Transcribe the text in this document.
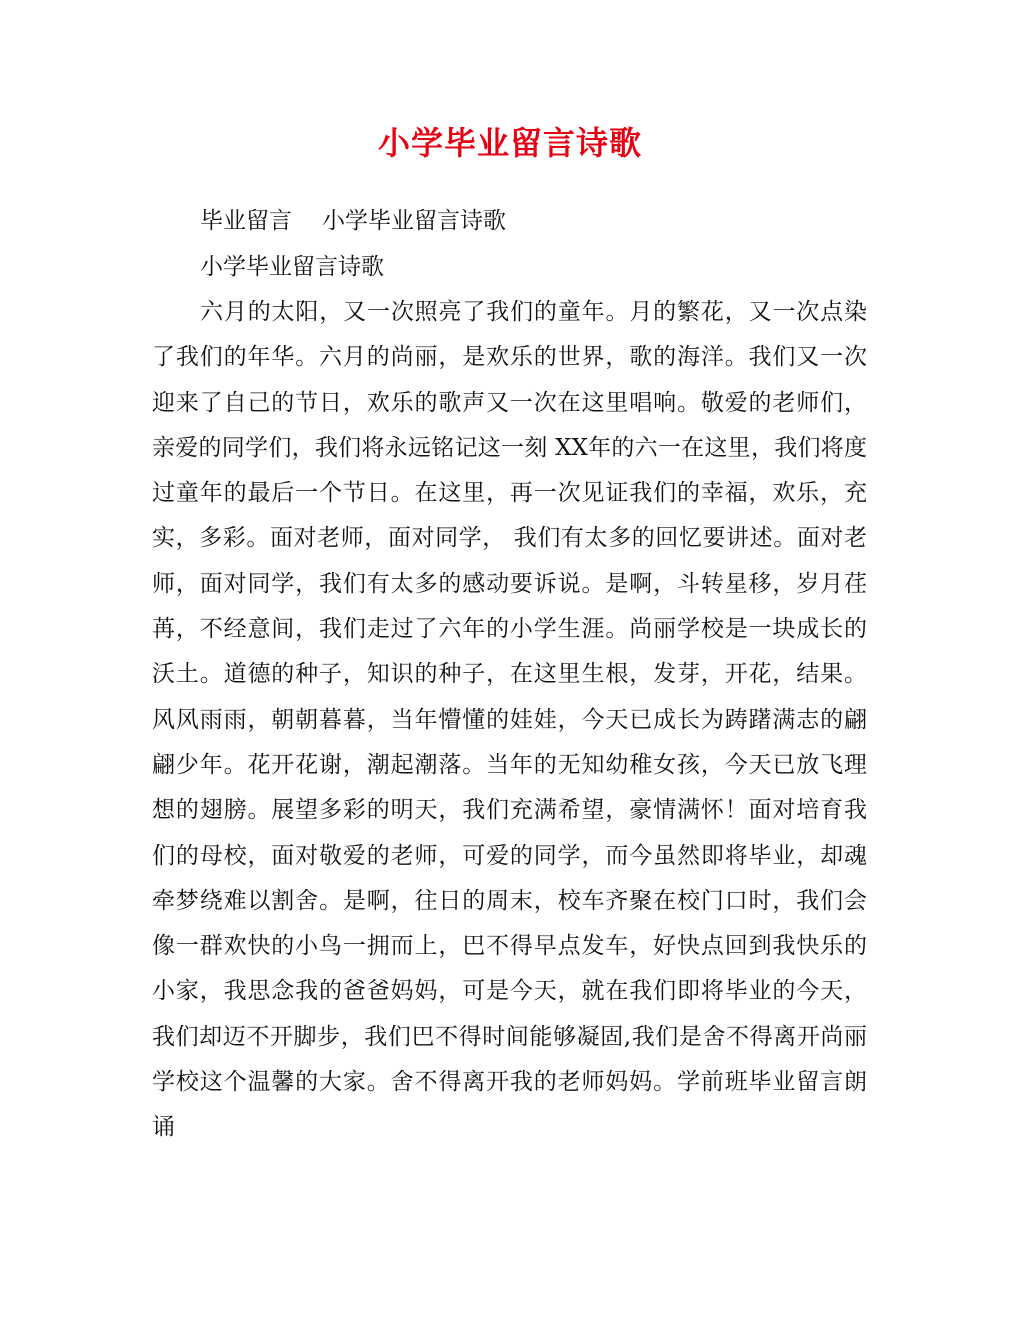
小学毕业留言诗歌
毕业留言 小学毕业留言诗歌
小学毕业留言诗歌
六月的太阳，又一次照亮了我们的童年。月的繁花，又一次点染
了我们的年华。六月的尚丽，是欢乐的世界，歌的海洋。我们又一次
迎来了自己的节日，欢乐的歌声又一次在这里唱响。敬爱的老师们，
亲爱的同学们，我们将永远铭记这一刻 XX年的六一在这里，我们将度
过童年的最后一个节日。在这里，再一次见证我们的幸福，欢乐，充
实，多彩。面对老师，面对同学， 我们有太多的回忆要讲述。面对老
师，面对同学，我们有太多的感动要诉说。是啊，斗转星移，岁月荏
苒，不经意间，我们走过了六年的小学生涯。尚丽学校是一块成长的
沃土。道德的种子，知识的种子，在这里生根，发芽，开花，结果。
风风雨雨，朝朝暮暮，当年懵懂的娃娃，今天已成长为踌躇满志的翩
翩少年。花开花谢，潮起潮落。当年的无知幼稚女孩，今天已放飞理
想的翅膀。展望多彩的明天，我们充满希望，豪情满怀！面对培育我
们的母校，面对敬爱的老师，可爱的同学，而今虽然即将毕业，却魂
牵梦绕难以割舍。是啊，往日的周末，校车齐聚在校门口时，我们会
像一群欢快的小鸟一拥而上，巴不得早点发车，好快点回到我快乐的
小家，我思念我的爸爸妈妈，可是今天，就在我们即将毕业的今天，
我们却迈不开脚步，我们巴不得时间能够凝固,我们是舍不得离开尚丽
学校这个温馨的大家。舍不得离开我的老师妈妈。学前班毕业留言朗
诵
